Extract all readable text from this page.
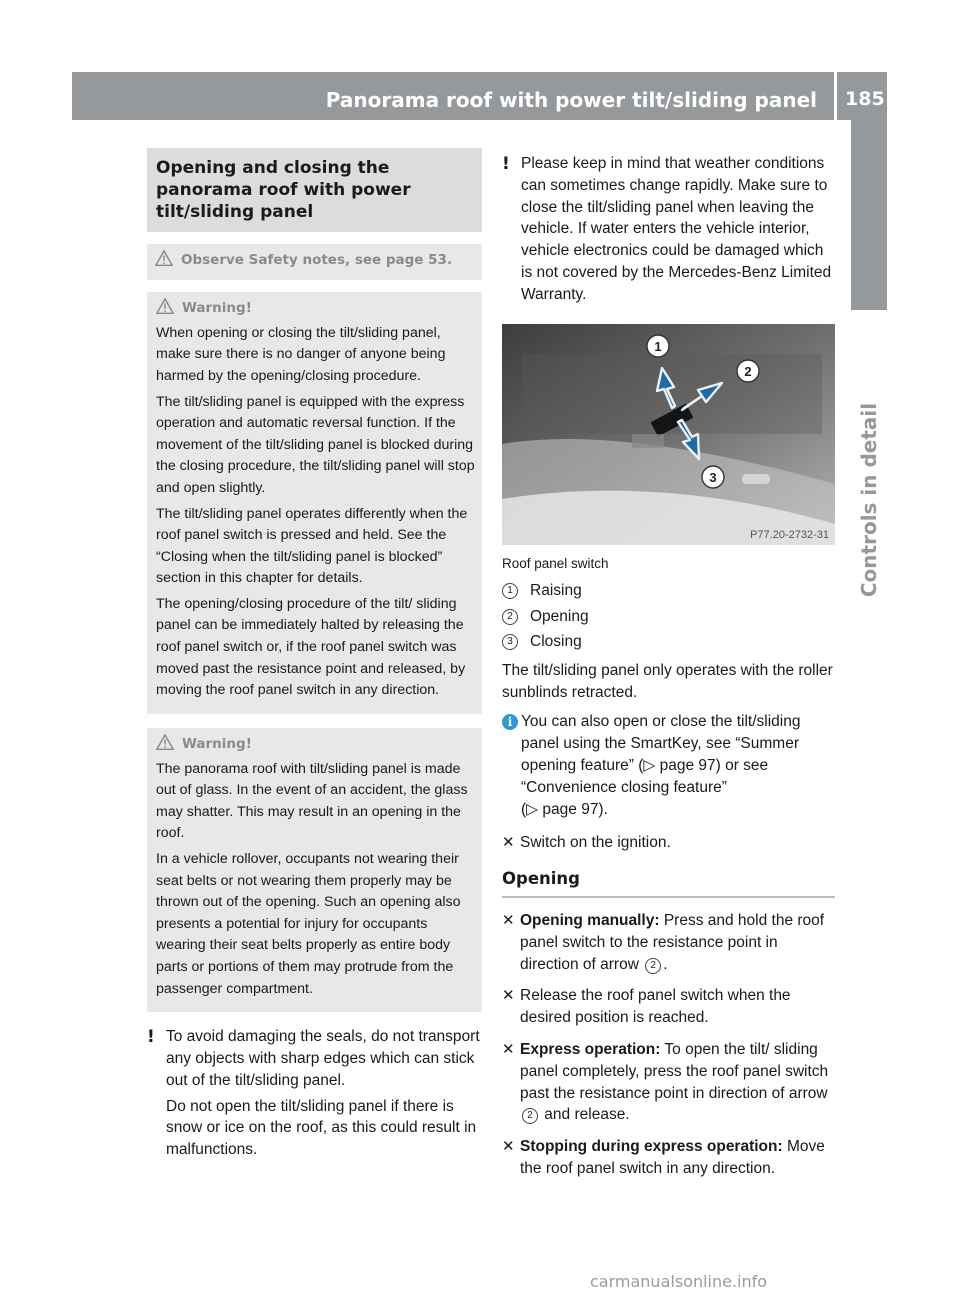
Panorama roof with power tilt/sliding panel 185
Controls in detail
Opening and closing the panorama roof with power tilt/sliding panel
Observe Safety notes, see page 53.
Warning!

When opening or closing the tilt/sliding panel, make sure there is no danger of anyone being harmed by the opening/closing procedure.

The tilt/sliding panel is equipped with the express operation and automatic reversal function. If the movement of the tilt/sliding panel is blocked during the closing procedure, the tilt/sliding panel will stop and open slightly.

The tilt/sliding panel operates differently when the roof panel switch is pressed and held. See the “Closing when the tilt/sliding panel is blocked” section in this chapter for details.

The opening/closing procedure of the tilt/ sliding panel can be immediately halted by releasing the roof panel switch or, if the roof panel switch was moved past the resistance point and released, by moving the roof panel switch in any direction.

Warning!

The panorama roof with tilt/sliding panel is made out of glass. In the event of an accident, the glass may shatter. This may result in an opening in the roof.

In a vehicle rollover, occupants not wearing their seat belts or not wearing them properly may be thrown out of the opening. Such an opening also presents a potential for injury for occupants wearing their seat belts properly as entire body parts or portions of them may protrude from the passenger compartment.

! To avoid damaging the seals, do not transport any objects with sharp edges which can stick out of the tilt/sliding panel.

Do not open the tilt/sliding panel if there is snow or ice on the roof, as this could result in malfunctions.

! Please keep in mind that weather conditions can sometimes change rapidly. Make sure to close the tilt/sliding panel when leaving the vehicle. If water enters the vehicle interior, vehicle electronics could be damaged which is not covered by the Mercedes-Benz Limited Warranty.

1
2
3
P77.20-2732-31
Roof panel switch
1	Raising
2	Opening
3	Closing

The tilt/sliding panel only operates with the roller sunblinds retracted.

i You can also open or close the tilt/sliding panel using the SmartKey, see “Summer opening feature” (▷ page 97) or see “Convenience closing feature”
(▷ page 97).

✕ Switch on the ignition.
Opening
✕ Opening manually: Press and hold the roof panel switch to the resistance point in direction of arrow 2 .
✕ Release the roof panel switch when the desired position is reached.
✕ Express operation: To open the tilt/ sliding panel completely, press the roof panel switch past the resistance point in direction of arrow 2 and release.
✕ Stopping during express operation: Move the roof panel switch in any direction.
carmanualsonline.info
